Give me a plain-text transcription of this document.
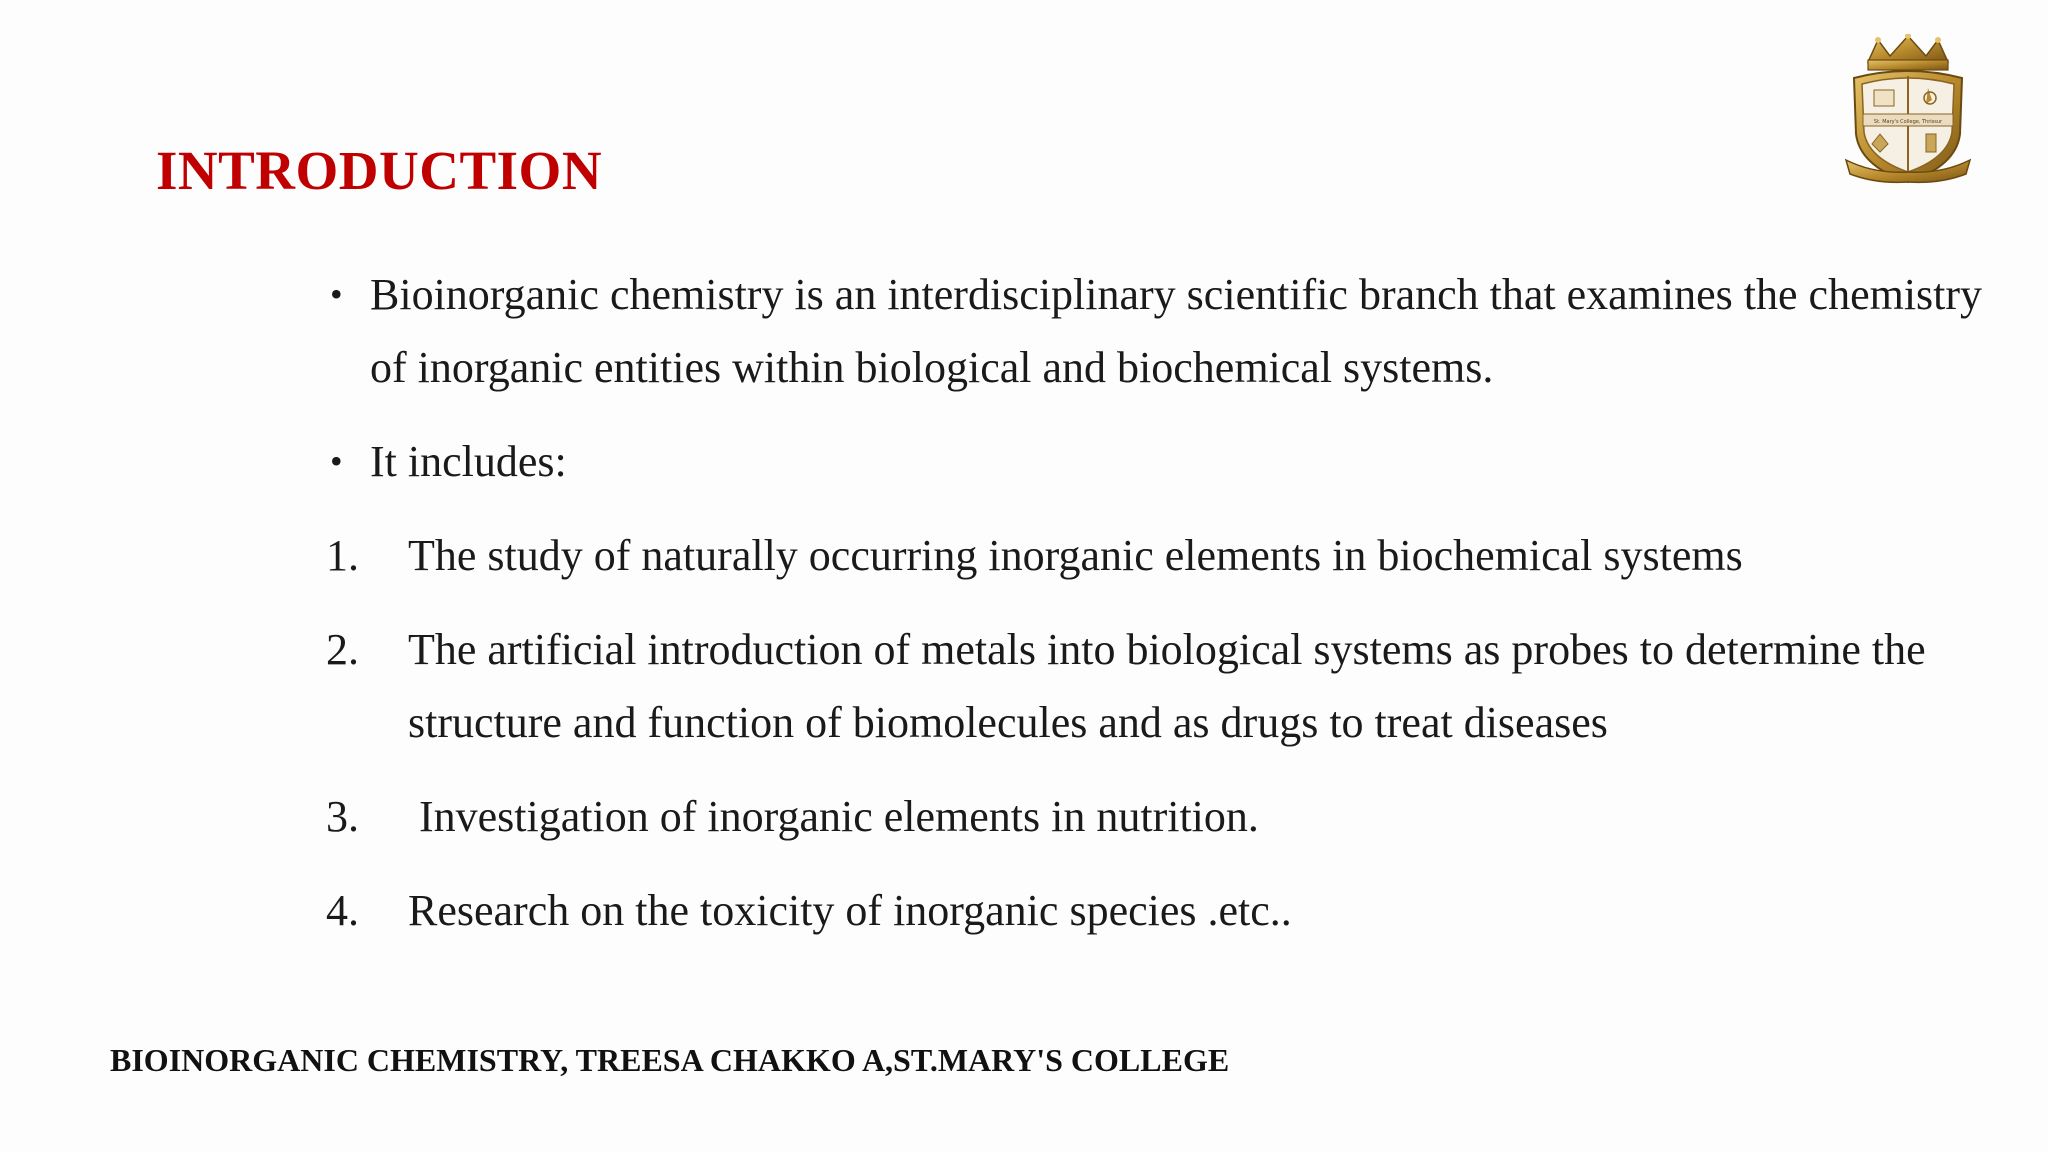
INTRODUCTION
St. Mary's College, Thrissur
• Bioinorganic chemistry is an interdisciplinary scientific branch that examines the chemistry of inorganic entities within biological and biochemical systems.
• It includes:
1. The study of naturally occurring inorganic elements in biochemical systems
2. The artificial introduction of metals into biological systems as probes to determine the structure and function of biomolecules and as drugs to treat diseases
3. Investigation of inorganic elements in nutrition.
4. Research on the toxicity of inorganic species .etc..
BIOINORGANIC CHEMISTRY, TREESA CHAKKO A,ST.MARY'S COLLEGE
